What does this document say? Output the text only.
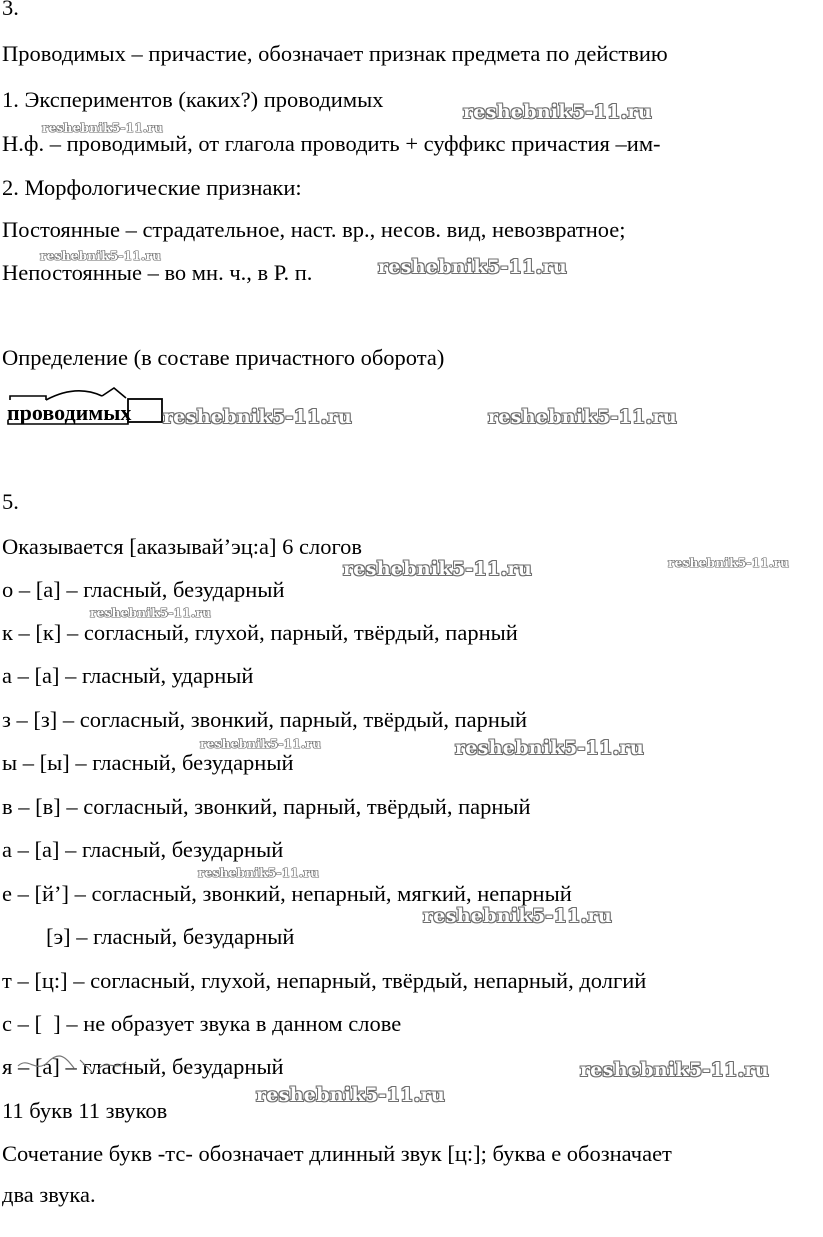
3.
Проводимых – причастие, обозначает признак предмета по действию
1. Экспериментов (каких?) проводимых
Н.ф. – проводимый, от глагола проводить + суффикс причастия –им-
2. Морфологические признаки:
Постоянные – страдательное, наст. вр., несов. вид, невозвратное;
Непостоянные – во мн. ч., в Р. п.
Определение (в составе причастного оборота)
проводимых
5.
Оказывается [аказывай’эц:а] 6 слогов
о – [а] – гласный, безударный
к – [к] – согласный, глухой, парный, твёрдый, парный
а – [а] – гласный, ударный
з – [з] – согласный, звонкий, парный, твёрдый, парный
ы – [ы] – гласный, безударный
в – [в] – согласный, звонкий, парный, твёрдый, парный
а – [а] – гласный, безударный
е – [й’] – согласный, звонкий, непарный, мягкий, непарный
[э] – гласный, безударный
т – [ц:] – согласный, глухой, непарный, твёрдый, непарный, долгий
с – [  ] – не образует звука в данном слове
я – [а] – гласный, безударный
11 букв 11 звуков
Сочетание букв -тс- обозначает длинный звук [ц:]; буква е обозначает
два звука.
reshebnik5-11.ru
reshebnik5-11.ru
reshebnik5-11.ru	reshebnik5-11.ru
reshebnik5-11.ru	reshebnik5-11.ru
reshebnik5-11.ru	reshebnik5-11.ru
reshebnik5-11.ru
reshebnik5-11.ru	reshebnik5-11.ru
reshebnik5-11.ru
reshebnik5-11.ru
reshebnik5-11.ru
reshebnik5-11.ru
